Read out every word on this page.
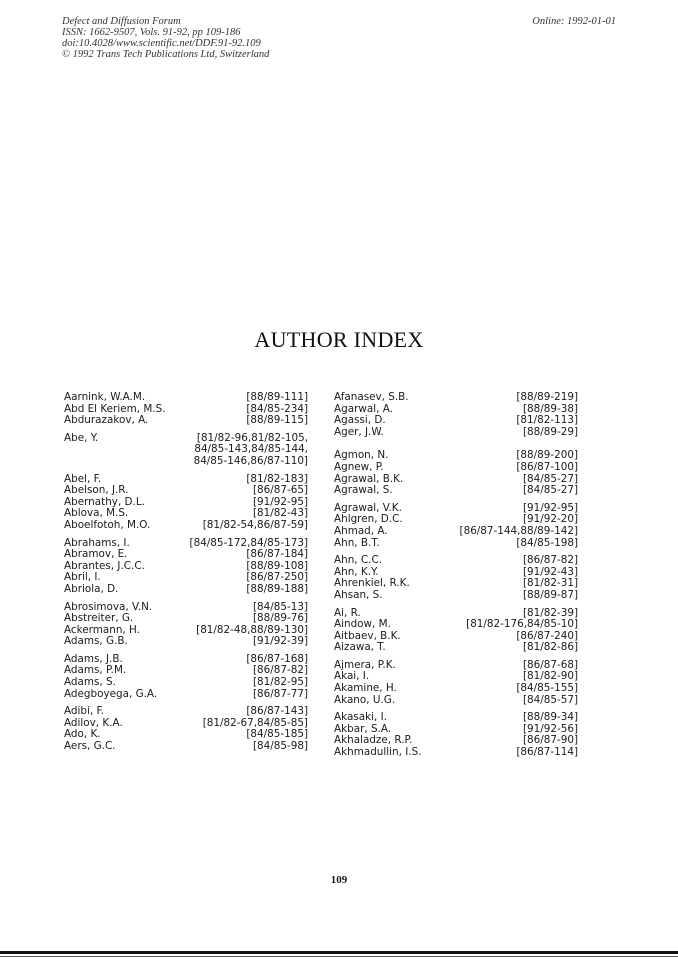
Defect and Diffusion Forum
ISSN: 1662-9507, Vols. 91-92, pp 109-186
doi:10.4028/www.scientific.net/DDF.91-92.109
© 1992 Trans Tech Publications Ltd, Switzerland
Online: 1992-01-01
AUTHOR INDEX
Aarnink, W.A.M.	[88/89-111]
Abd El Keriem, M.S.	[84/85-234]
Abdurazakov, A.	[88/89-115]
Abe, Y.	[81/82-96,81/82-105,
84/85-143,84/85-144,
84/85-146,86/87-110]
Abel, F.	[81/82-183]
Abelson, J.R.	[86/87-65]
Abernathy, D.L.	[91/92-95]
Ablova, M.S.	[81/82-43]
Aboelfotoh, M.O.	[81/82-54,86/87-59]
Abrahams, I.	[84/85-172,84/85-173]
Abramov, E.	[86/87-184]
Abrantes, J.C.C.	[88/89-108]
Abril, I.	[86/87-250]
Abriola, D.	[88/89-188]
Abrosimova, V.N.	[84/85-13]
Abstreiter, G.	[88/89-76]
Ackermann, H.	[81/82-48,88/89-130]
Adams, G.B.	[91/92-39]
Adams, J.B.	[86/87-168]
Adams, P.M.	[86/87-82]
Adams, S.	[81/82-95]
Adegboyega, G.A.	[86/87-77]
Adibi, F.	[86/87-143]
Adilov, K.A.	[81/82-67,84/85-85]
Ado, K.	[84/85-185]
Aers, G.C.	[84/85-98]
Afanasev, S.B.	[88/89-219]
Agarwal, A.	[88/89-38]
Agassi, D.	[81/82-113]
Ager, J.W.	[88/89-29]
Agmon, N.	[88/89-200]
Agnew, P.	[86/87-100]
Agrawal, B.K.	[84/85-27]
Agrawal, S.	[84/85-27]
Agrawal, V.K.	[91/92-95]
Ahlgren, D.C.	[91/92-20]
Ahmad, A.	[86/87-144,88/89-142]
Ahn, B.T.	[84/85-198]
Ahn, C.C.	[86/87-82]
Ahn, K.Y.	[91/92-43]
Ahrenkiel, R.K.	[81/82-31]
Ahsan, S.	[88/89-87]
Ai, R.	[81/82-39]
Aindow, M.	[81/82-176,84/85-10]
Aitbaev, B.K.	[86/87-240]
Aizawa, T.	[81/82-86]
Ajmera, P.K.	[86/87-68]
Akai, I.	[81/82-90]
Akamine, H.	[84/85-155]
Akano, U.G.	[84/85-57]
Akasaki, I.	[88/89-34]
Akbar, S.A.	[91/92-56]
Akhaladze, R.P.	[86/87-90]
Akhmadullin, I.S.	[86/87-114]
109
